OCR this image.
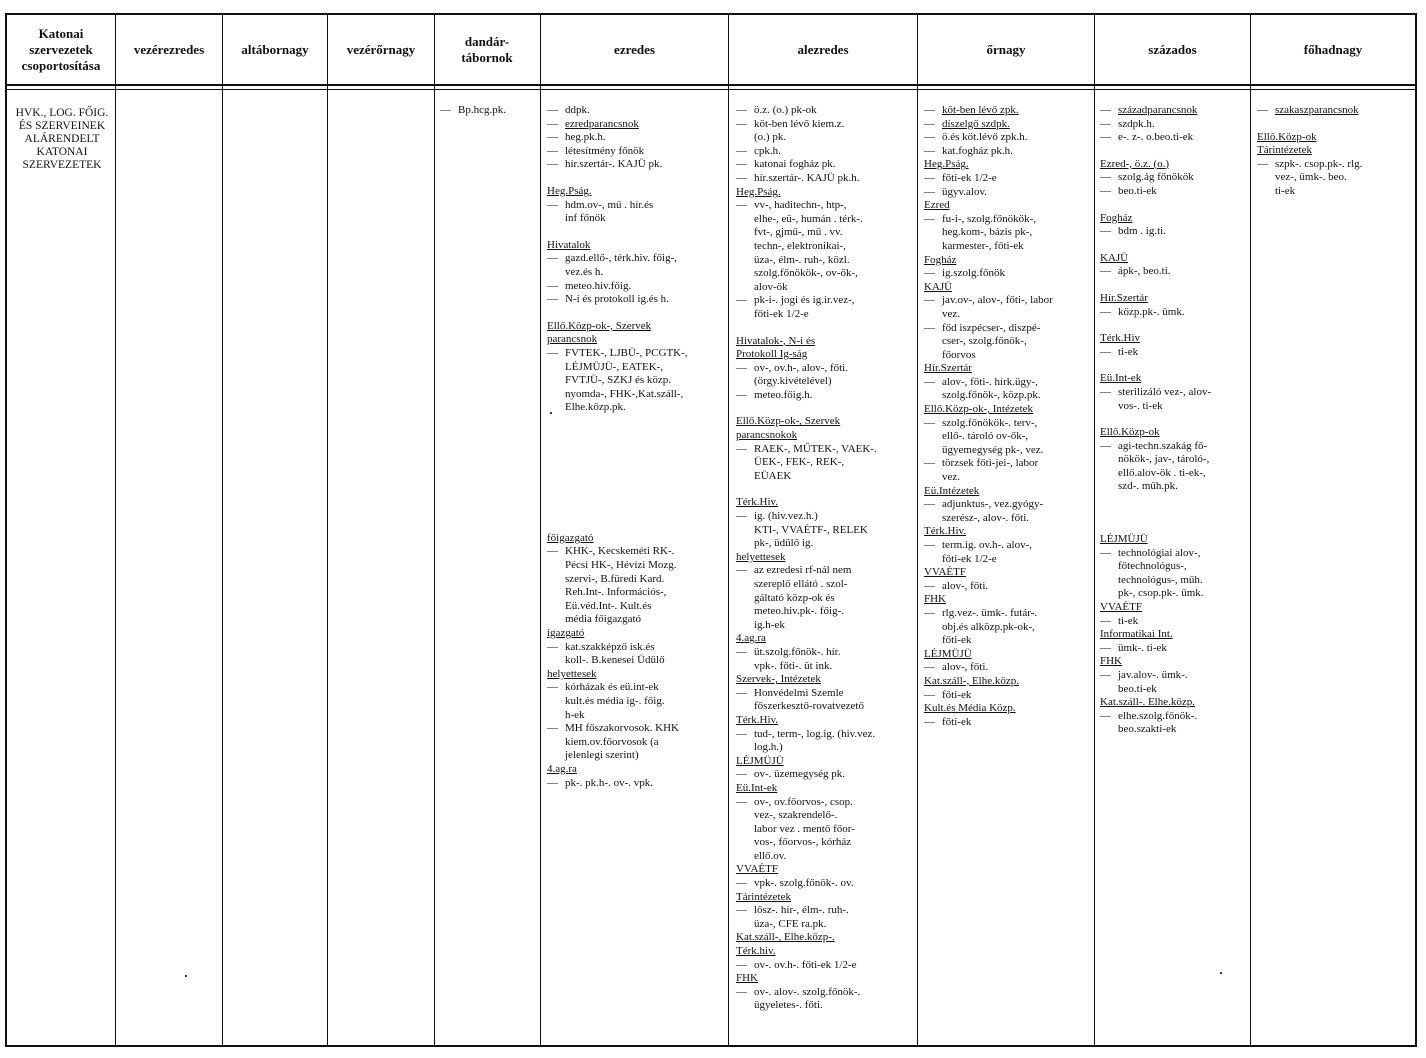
Katonai szervezetek csoportosítása
vezérezredes	altábornagy	vezérőrnagy
dandár-tábornok
ezredes	alezredes	őrnagy	százados	főhadnagy
HVK., LOG. FŐIG. ÉS SZERVEINEK ALÁRENDELT KATONAI SZERVEZETEK
— Bp.hcg.pk.
—	ddpk.
— ezredparancsnok
— heg.pk.h.
— létesítmény főnök
— hír.szertár-. KAJÜ pk.
Heg.Pság.
— hdm.ov-, mű . hír.és
inf főnök
Hivatalok
— gazd.ellő-, térk.hiv. főig-,
vez.és h.
— meteo.hiv.főig.
— N-i és protokoll ig.és h.
Ellő.Közp-ok-, Szervek
parancsnok
— FVTEK-, LJBÜ-, PCGTK-,
LÉJMÜJÜ-, EATEK-,
FVTJÜ-, SZKJ és közp.
nyomda-, FHK-,Kat.száll-,
Elhe.közp.pk.
főigazgató
— KHK-, Kecskeméti RK-.
Pécsi HK-, Hévízi Mozg.
szervi-, B.füredi Kard.
Reh.Int-. Információs-,
Eü.véd.Int-. Kult.és
média főigazgató
igazgató
— kat.szakképző isk.és
koll-. B.kenesei Üdülő
helyettesek
— kórházak és eü.int-ek
kult.és média ig-. főig.
h-ek
— MH főszakorvosok. KHK
kiem.ov.főorvosok (a
jelenlegi szerint)
4.ag.ra
— pk-. pk.h-. ov-. vpk.
— ö.z. (o.) pk-ok
— köt-ben lévő kiem.z.
(o.) pk.
— cpk.h.
— katonai fogház pk.
— hír.szertár-. KAJÜ pk.h.
Heg.Pság.
— vv-, haditechn-, htp-,
elhe-, eü-, humán . térk-.
fvt-, gjmű-, mű . vv.
techn-, elektronikai-,
üza-, élm-. ruh-, közl.
szolg.főnökök-, ov-ők-,
alov-ök
— pk-i-. jogi és ig.ir.vez-,
főti-ek 1/2-e
Hivatalok-, N-i és
Protokoll Ig-ság
— ov-, ov.h-, alov-, főti.
(örgy.kivételével)
— meteo.főig.h.
Ellő.Közp-ok-, Szervek
parancsnokok
— RAEK-, MŰTEK-, VAEK-.
ÜEK-, FEK-, REK-,
EÜAEK
Térk.Hiv.
— ig. (hiv.vez.h.)
KTI-, VVAÉTF-, RELEK
pk-, üdülő ig.
helyettesek
— az ezredesi rf-nál nem
szereplő ellátó . szol-
gáltató közp-ok és
meteo.hiv.pk-. főig-.
ig.h-ek
4.ag.ra
— üt.szolg.főnök-. hír.
vpk-. főti-. üt ink.
Szervek-, Intézetek
— Honvédelmi Szemle
főszerkesztő-rovatvezető
Térk.Hiv.
— tud-, term-, log.ig. (hiv.vez.
log.h.)
LÉJMÜJÜ
— ov-. üzemegység pk.
Eü.Int-ek
— ov-, ov.főorvos-, csop.
vez-, szakrendelő-.
labor vez . mentő főor-
vos-, főorvos-, kórház
ellő.ov.
VVAÉTF
— vpk-. szolg.főnök-. ov.
Tárintézetek
— lősz-. hír-, élm-. ruh-.
üza-, CFE ra.pk.
Kat.száll-, Elhe.közp-.
Térk.hiv.
— ov-. ov.h-. főti-ek 1/2-e
FHK
— ov-. alov-. szolg.főnök-.
ügyeletes-. főti.
— köt-ben lévő zpk.
— díszelgő szdpk.
— ö.és köt.lévő zpk.h.
— kat.fogház pk.h.
Heg.Pság.
— főti-ek 1/2-e
— ügyv.alov.
Ezred
— fu-i-, szolg.főnökök-,
heg.kom-, bázis pk-,
karmester-, főti-ek
Fogház
— ig.szolg.főnök
KAJÜ
— jav.ov-, alov-, főti-, labor
vez.
— főd iszpécser-, diszpé-
cser-, szolg.főnök-,
főorvos
Hír.Szertár
— alov-, főti-. hírk.ügy-,
szolg.főnök-, közp.pk.
Ellő.Közp-ok-, Intézetek
— szolg.főnökök-. terv-,
ellő-. tároló ov-ők-,
ügyemegység pk-, vez.
— törzsek főti-jei-, labor
vez.
Eü.Intézetek
— adjunktus-, vez.gyógy-
szerész-, alov-. főti.
Térk.Hiv.
— term.ig. ov.h-. alov-,
főti-ek 1/2-e
VVAÉTF
— alov-, főti.
FHK
— rlg.vez-. ümk-. futár-.
obj.és alközp.pk-ok-,
főti-ek
LÉJMÜJÜ
— alov-, főti.
Kat.száll-, Elhe.közp.
— főti-ek
Kult.és Média Közp.
— főti-ek
— századparancsnok
— szdpk.h.
— e-. z-. o.beo.ti-ek
Ezred-, ö.z. (o.)
— szolg.ág főnökök
— beo.ti-ek
Fogház
— bdm . ig.ti.
KAJÜ
— ápk-, beo.ti.
Hír.Szertár
— közp.pk-. ümk.
Térk.Hiv
— ti-ek
Eü.Int-ek
— sterilizáló vez-, alov-
vos-. ti-ek
Ellő.Közp-ok
— agi-techn.szakág fő-
nökök-, jav-, tároló-,
ellő.alov-ök . ti-ek-,
szd-. műh.pk.
LÉJMÜJÜ
— technológiai alov-,
főtechnológus-,
technológus-, műh.
pk-, csop.pk-. ümk.
VVAÉTF
— ti-ek
Informatikai Int.
— ümk-. ti-ek
FHK
— jav.alov-. ümk-.
beo.ti-ek
Kat.száll-. Elhe.közp.
— elhe.szolg.főnök-.
beo.szakti-ek
— szakaszparancsnok
Ellő.Közp-ok
Tárintézetek
— szpk-. csop.pk-. rlg.
vez-, ümk-. beo.
ti-ek
